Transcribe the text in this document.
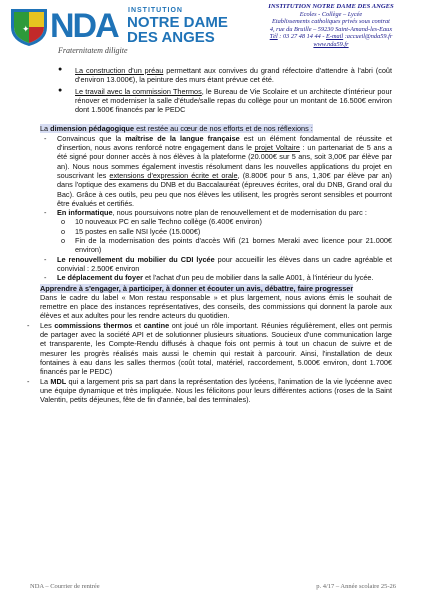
✦ NDA INSTITUTION
NOTRE DAME
DES ANGES
Fraternitatem diligite
INSTITUTION NOTRE DAME DES ANGES
Ecoles - Collège – Lycée
Etablissements catholiques privés sous contrat
4, rue du Bruille – 59230 Saint-Amand-les-Eaux
Tél : 03 27 48 14 44 - E-mail :accueil@nda59.fr
www.nda59.fr
● La construction d'un préau permettant aux convives du grand réfectoire d'attendre à l'abri (coût d'environ 13.000€), la peinture des murs étant prévue cet été.
● Le travail avec la commission Thermos, le Bureau de Vie Scolaire et un architecte d'intérieur pour rénover et moderniser la salle d'étude/salle repas du collège pour un montant de 16.500€ environ dont 1.500€ financés par le PEDC
La dimension pédagogique est restée au cœur de nos efforts et de nos réflexions :
- Convaincus que la maîtrise de la langue française est un élément fondamental de réussite et d'insertion, nous avons renforcé notre engagement dans le projet Voltaire : un partenariat de 5 ans a été signé pour donner accès à nos élèves à la plateforme (20.000€ sur 5 ans, soit 3,00€ par élève par an). Nous nous sommes également investis résolument dans les nouvelles applications du projet en souscrivant les extensions d'expression écrite et orale, (8.800€ pour 5 ans, 1,30€ par élève par an) dans l'optique des examens du DNB et du Baccalauréat (épreuves écrites, oral du DNB, Grand oral du Bac). Grâce à ces outils, peu peu que nos élèves les utilisent, les progrès seront sensibles et pourront être évalués et certifiés.
- En informatique, nous poursuivons notre plan de renouvellement et de modernisation du parc :
o 10 nouveaux PC en salle Techno collège (6.400€ environ)
o 15 postes en salle NSI lycée (15.000€)
o Fin de la modernisation des points d'accès Wifi (21 bornes Meraki avec licence pour 21.000€ environ)
- Le renouvellement du mobilier du CDI lycée pour accueillir les élèves dans un cadre agréable et convivial : 2.500€ environ
- Le déplacement du foyer et l'achat d'un peu de mobilier dans la salle A001, à l'intérieur du lycée.
Apprendre à s'engager, à participer, à donner et écouter un avis, débattre, faire progresser
Dans le cadre du label « Mon restau responsable » et plus largement, nous avions émis le souhait de remettre en place des instances représentatives, des conseils, des commissions qui donnent la parole aux élèves et aux adultes pour les rendre acteurs du quotidien.
- Les commissions thermos et cantine ont joué un rôle important. Réunies régulièrement, elles ont permis de partager avec la société API et de solutionner plusieurs situations. Soucieux d'une communication large et transparente, les Compte-Rendu diffusés à chaque fois ont permis à tout un chacun de suivre et de mesurer les progrès réalisés mais aussi le chemin qui restait à parcourir. Ainsi, l'installation de deux fontaines à eau dans les salles thermos (coût total, matériel, raccordement, 5.000€ environ, dont 1.700€ financés par le PEDC)
- La MDL qui a largement pris sa part dans la représentation des lycéens, l'animation de la vie lycéenne avec une équipe dynamique et très impliquée. Nous les félicitons pour leurs différentes actions (roses de la Saint Valentin, petits déjeunes, fête de fin d'année, bal des terminales).
NDA – Courrier de rentrée	p. 4/17 – Année scolaire 25-26
